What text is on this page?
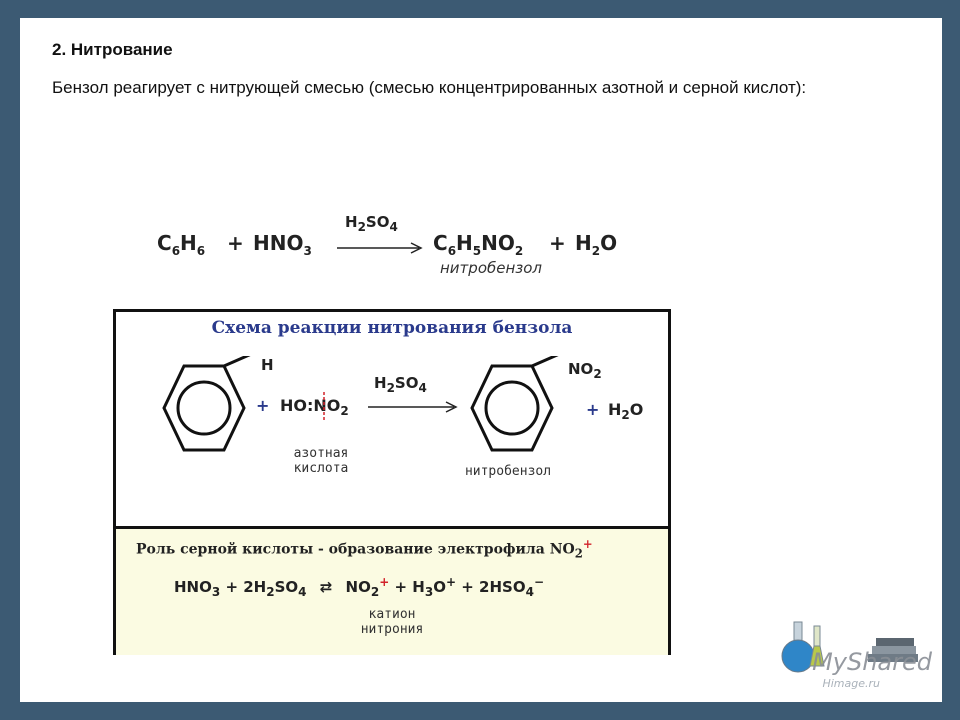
2. Нитрование
Бензол реагирует с нитрующей смесью (смесью концентрированных азотной и серной кислот):
$C_6H_6 + HNO_3$
$H_2SO_4$
$C_6H_5NO_2 + H_2O$
нитробензол
Схема реакции нитрования бензола
H
+ $HO:NO_2$
азотная кислота
$H_2SO_4$
$NO_2$
нитробензол
+ $H_2O$
Роль серной кислоты - образование электрофила $NO_2^+$
$HNO_3 + 2H_2SO_4$ ⇄ $NO_2^+ + H_3O^+ + 2HSO_4^-$
катион нитрония
MyShared
Himage.ru
